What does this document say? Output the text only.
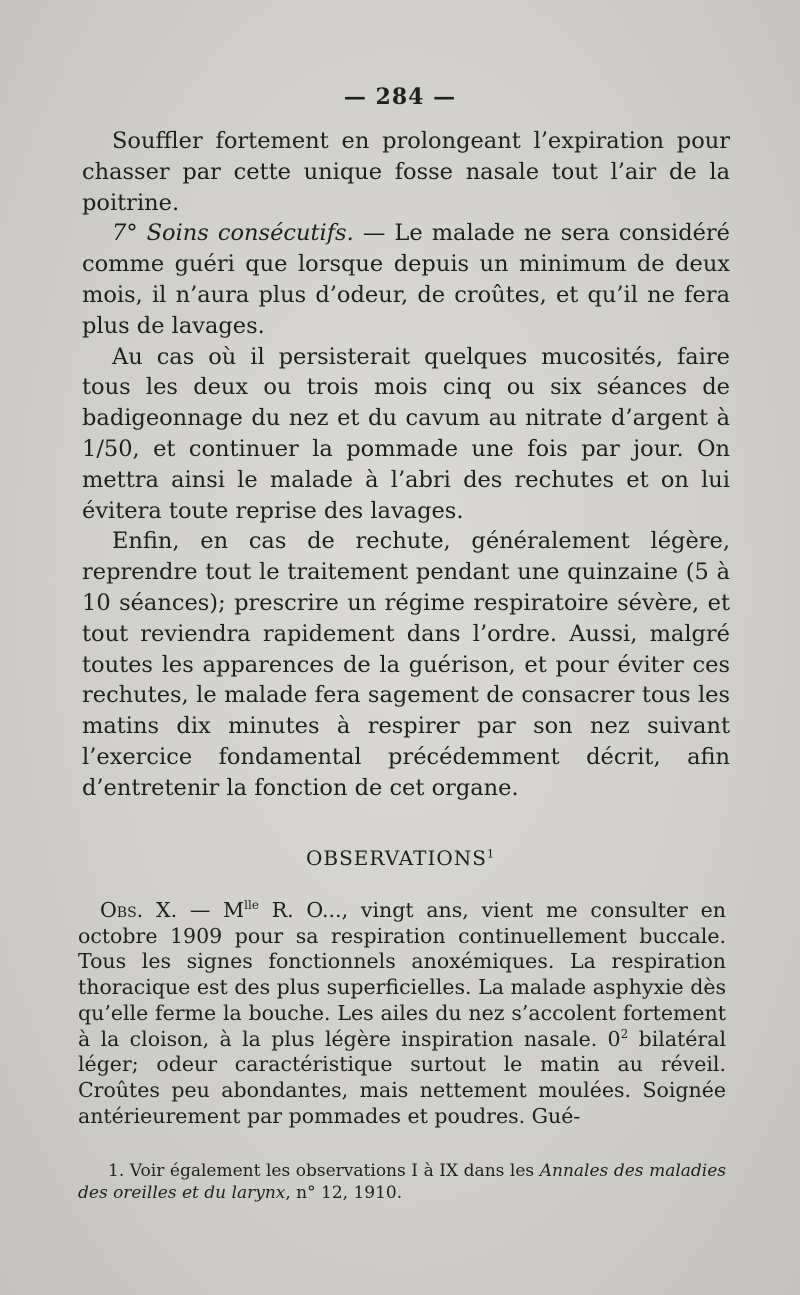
— 284 —

Souffler fortement en prolongeant l’expiration pour chasser par cette unique fosse nasale tout l’air de la poitrine.

7° Soins consécutifs. — Le malade ne sera considéré comme guéri que lorsque depuis un minimum de deux mois, il n’aura plus d’odeur, de croûtes, et qu’il ne fera plus de lavages.

Au cas où il persisterait quelques mucosités, faire tous les deux ou trois mois cinq ou six séances de badigeonnage du nez et du cavum au nitrate d’argent à 1/50, et continuer la pommade une fois par jour. On mettra ainsi le malade à l’abri des rechutes et on lui évitera toute reprise des lavages.

Enfin, en cas de rechute, généralement légère, reprendre tout le traitement pendant une quinzaine (5 à 10 séances); prescrire un régime respiratoire sévère, et tout reviendra rapidement dans l’ordre. Aussi, malgré toutes les apparences de la guérison, et pour éviter ces rechutes, le malade fera sagement de consacrer tous les matins dix minutes à respirer par son nez suivant l’exercice fondamental précédemment décrit, afin d’entretenir la fonction de cet organe.

OBSERVATIONS$^1$

Obs. X. — $M^{lle}$ R. O..., vingt ans, vient me consulter en octobre 1909 pour sa respiration continuellement buccale. Tous les signes fonctionnels anoxémiques. La respiration thoracique est des plus superficielles. La malade asphyxie dès qu’elle ferme la bouche. Les ailes du nez s’accolent fortement à la cloison, à la plus légère inspiration nasale. $0^2$ bilatéral léger; odeur caractéristique surtout le matin au réveil. Croûtes peu abondantes, mais nettement moulées. Soignée antérieurement par pommades et poudres. Gué-

1. Voir également les observations I à IX dans les Annales des maladies des oreilles et du larynx, n° 12, 1910.
